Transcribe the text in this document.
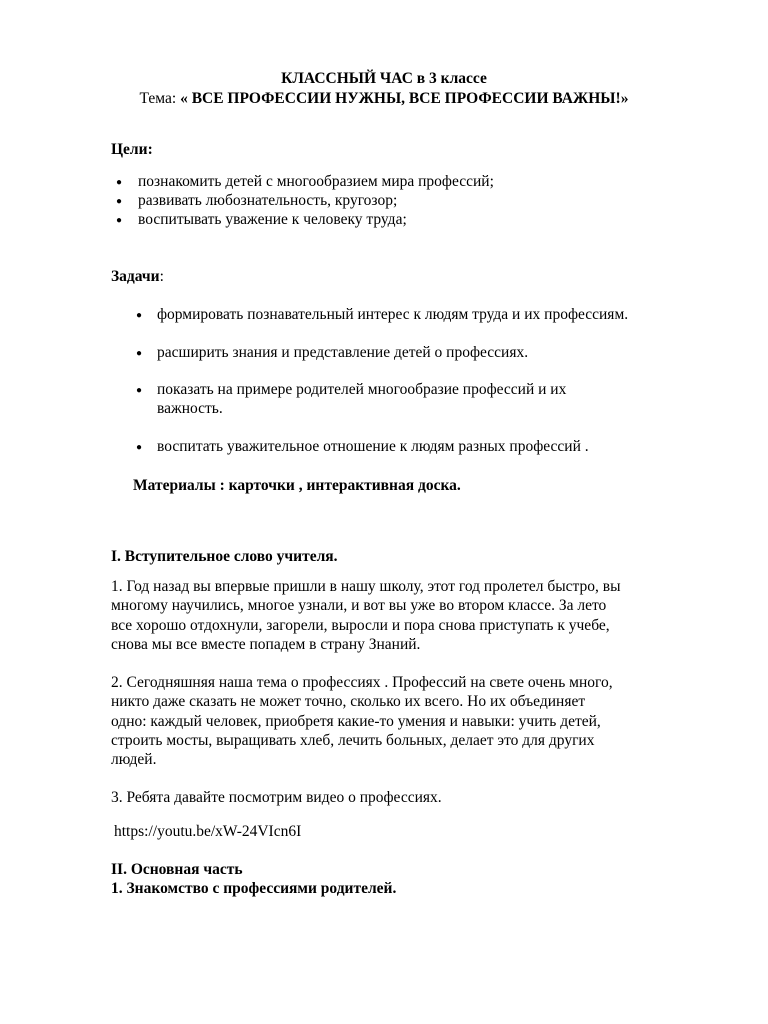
КЛАССНЫЙ ЧАС в 3 классе
Тема: « ВСЕ ПРОФЕССИИ НУЖНЫ, ВСЕ ПРОФЕССИИ ВАЖНЫ!»
Цели:
● познакомить детей с многообразием мира профессий;
● развивать любознательность, кругозор;
● воспитывать уважение к человеку труда;
Задачи:
● формировать познавательный интерес к людям труда и их профессиям.
● расширить знания и представление детей о профессиях.
● показать на примере родителей многообразие профессий и их
важность.
● воспитать уважительное отношение к людям разных профессий .
Материалы : карточки , интерактивная доска.
I. Вступительное слово учителя.
1. Год назад вы впервые пришли в нашу школу, этот год пролетел быстро, вы
многому научились, многое узнали, и вот вы уже во втором классе. За лето
все хорошо отдохнули, загорели, выросли и пора снова приступать к учебе,
снова мы все вместе попадем в страну Знаний.
2. Сегодняшняя наша тема о профессиях . Профессий на свете очень много,
никто даже сказать не может точно, сколько их всего. Но их объединяет
одно: каждый человек, приобретя какие-то умения и навыки: учить детей,
строить мосты, выращивать хлеб, лечить больных, делает это для других
людей.
3. Ребята давайте посмотрим видео о профессиях.
https://youtu.be/xW-24VIcn6I
II. Основная часть
1. Знакомство с профессиями родителей.
